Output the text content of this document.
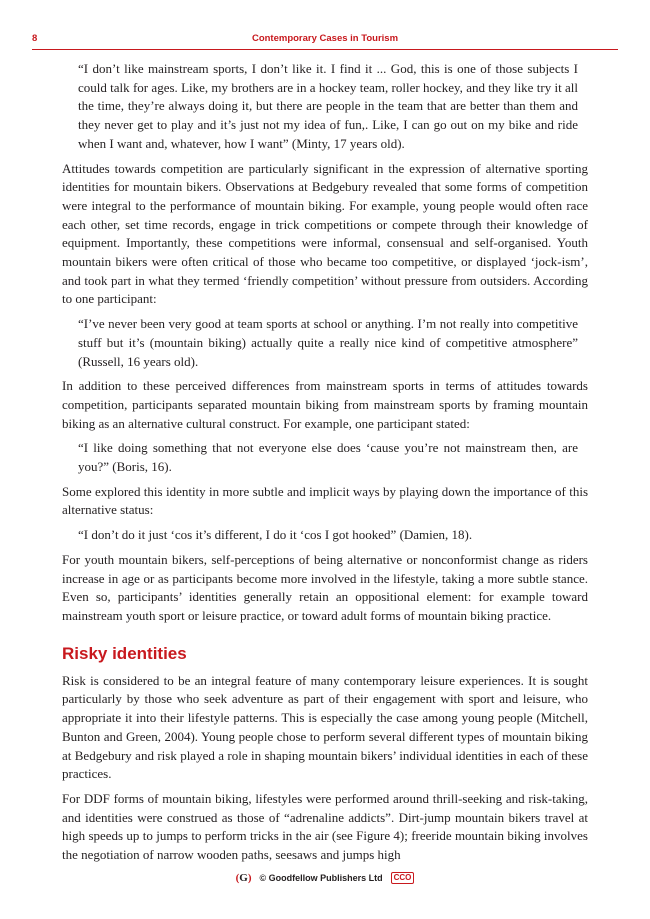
8	Contemporary Cases in Tourism

“I don’t like mainstream sports, I don’t like it. I find it ... God, this is one of those subjects I could talk for ages. Like, my brothers are in a hockey team, roller hockey, and they like try it all the time, they’re always doing it, but there are people in the team that are better than them and they never get to play and it’s just not my idea of fun,. Like, I can go out on my bike and ride when I want and, whatever, how I want” (Minty, 17 years old).

Attitudes towards competition are particularly significant in the expression of alternative sporting identities for mountain bikers. Observations at Bedgebury revealed that some forms of competition were integral to the performance of mountain biking. For example, young people would often race each other, set time records, engage in trick competitions or compete through their knowledge of equipment. Importantly, these competitions were informal, consensual and self-organised. Youth mountain bikers were often critical of those who became too competitive, or displayed ‘jock-ism’, and took part in what they termed ‘friendly competition’ without pressure from outsiders. According to one participant:

“I’ve never been very good at team sports at school or anything. I’m not really into competitive stuff but it’s (mountain biking) actually quite a really nice kind of competitive atmosphere” (Russell, 16 years old).

In addition to these perceived differences from mainstream sports in terms of attitudes towards competition, participants separated mountain biking from mainstream sports by framing mountain biking as an alternative cultural construct. For example, one participant stated:

“I like doing something that not everyone else does ‘cause you’re not mainstream then, are you?” (Boris, 16).

Some explored this identity in more subtle and implicit ways by playing down the importance of this alternative status:

“I don’t do it just ‘cos it’s different, I do it ‘cos I got hooked” (Damien, 18).

For youth mountain bikers, self-perceptions of being alternative or nonconformist change as riders increase in age or as participants become more involved in the lifestyle, taking a more subtle stance. Even so, participants’ identities generally retain an oppositional element: for example toward mainstream youth sport or leisure practice, or toward adult forms of mountain biking practice.

Risky identities

Risk is considered to be an integral feature of many contemporary leisure experiences. It is sought particularly by those who seek adventure as part of their engagement with sport and leisure, who appropriate it into their lifestyle patterns. This is especially the case among young people (Mitchell, Bunton and Green, 2004). Young people chose to perform several different types of mountain biking at Bedgebury and risk played a role in shaping mountain bikers’ individual identities in each of these practices.

For DDF forms of mountain biking, lifestyles were performed around thrill-seeking and risk-taking, and identities were construed as those of “adrenaline addicts”. Dirt-jump mountain bikers travel at high speeds up to jumps to perform tricks in the air (see Figure 4); freeride mountain biking involves the negotiation of narrow wooden paths, seesaws and jumps high

(G) © Goodfellow Publishers Ltd	CCO
